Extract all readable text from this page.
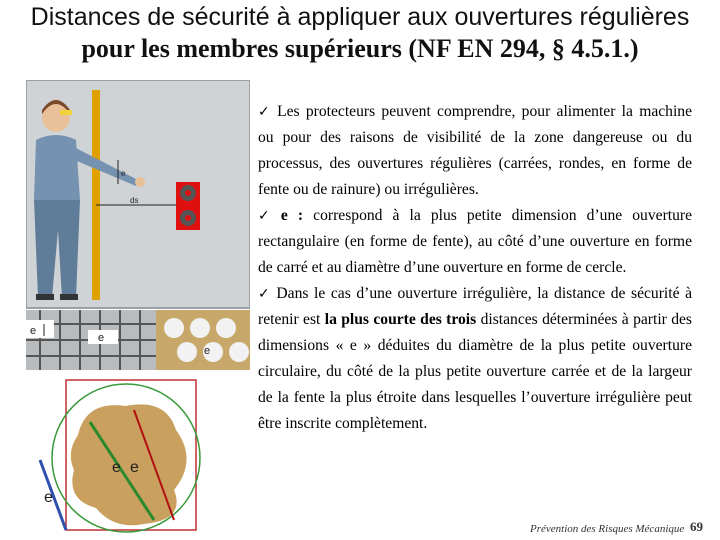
Distances de sécurité à appliquer aux ouvertures régulières
pour les membres supérieurs (NF EN 294, § 4.5.1.)
ds
e
e
e
e
e e
e

✓ Les protecteurs peuvent comprendre, pour alimenter la machine ou pour des raisons de visibilité de la zone dangereuse ou du processus, des ouvertures régulières (carrées, rondes, en forme de fente ou de rainure) ou irrégulières.

✓ e : correspond à la plus petite dimension d’une ouverture rectangulaire (en forme de fente), au côté d’une ouverture en forme de carré et au diamètre d’une ouverture en forme de cercle.

✓ Dans le cas d’une ouverture irrégulière, la distance de sécurité à retenir est la plus courte des trois distances déterminées à partir des dimensions « e » déduites du diamètre de la plus petite ouverture circulaire, du côté de la plus petite ouverture carrée et de la largeur de la fente la plus étroite dans lesquelles l’ouverture irrégulière peut être inscrite complètement.

Prévention des Risques Mécanique 69
